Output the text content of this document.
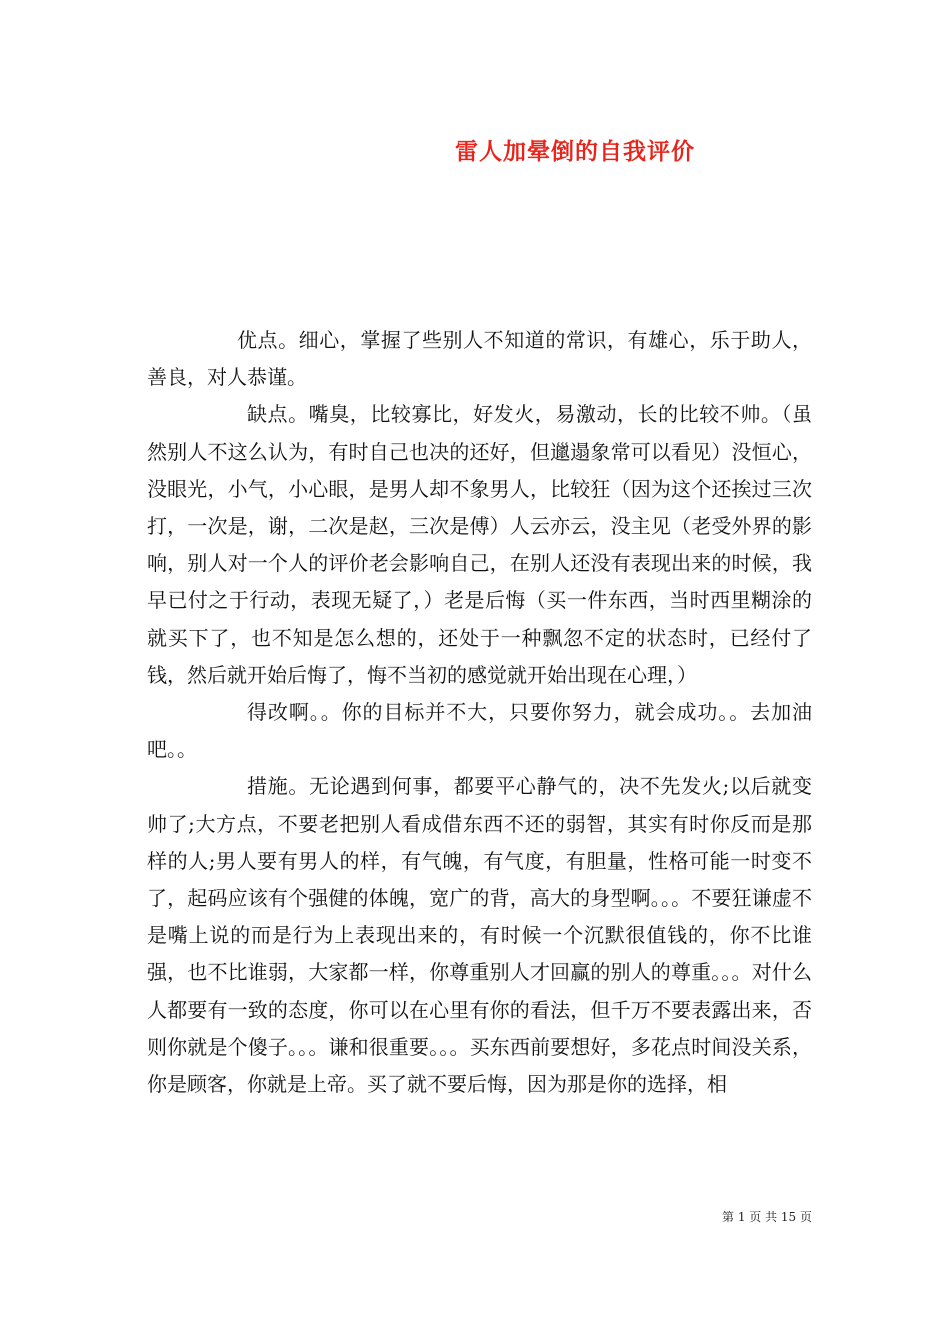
雷人加晕倒的自我评价

优点。细心，掌握了些别人不知道的常识，有雄心，乐于助人，善良，对人恭谨。

缺点。嘴臭，比较寡比，好发火，易激动，长的比较不帅。（虽然别人不这么认为，有时自己也决的还好，但邋遢象常可以看见）没恒心，没眼光，小气，小心眼，是男人却不象男人，比较狂（因为这个还挨过三次打，一次是，谢，二次是赵，三次是傅）人云亦云，没主见（老受外界的影响，别人对一个人的评价老会影响自己，在别人还没有表现出来的时候，我早已付之于行动，表现无疑了，）老是后悔（买一件东西，当时西里糊涂的就买下了，也不知是怎么想的，还处于一种飘忽不定的状态时，已经付了钱，然后就开始后悔了，悔不当初的感觉就开始出现在心理，）

得改啊。。你的目标并不大，只要你努力，就会成功。。去加油吧。。

措施。无论遇到何事，都要平心静气的，决不先发火;以后就变帅了;大方点，不要老把别人看成借东西不还的弱智，其实有时你反而是那样的人;男人要有男人的样，有气魄，有气度，有胆量，性格可能一时变不了，起码应该有个强健的体魄，宽广的背，高大的身型啊。。。不要狂谦虚不是嘴上说的而是行为上表现出来的，有时候一个沉默很值钱的，你不比谁强，也不比谁弱，大家都一样，你尊重别人才回赢的别人的尊重。。。对什么人都要有一致的态度，你可以在心里有你的看法，但千万不要表露出来，否则你就是个傻子。。。谦和很重要。。。买东西前要想好，多花点时间没关系，你是顾客，你就是上帝。买了就不要后悔，因为那是你的选择，相

第 1 页 共 15 页
